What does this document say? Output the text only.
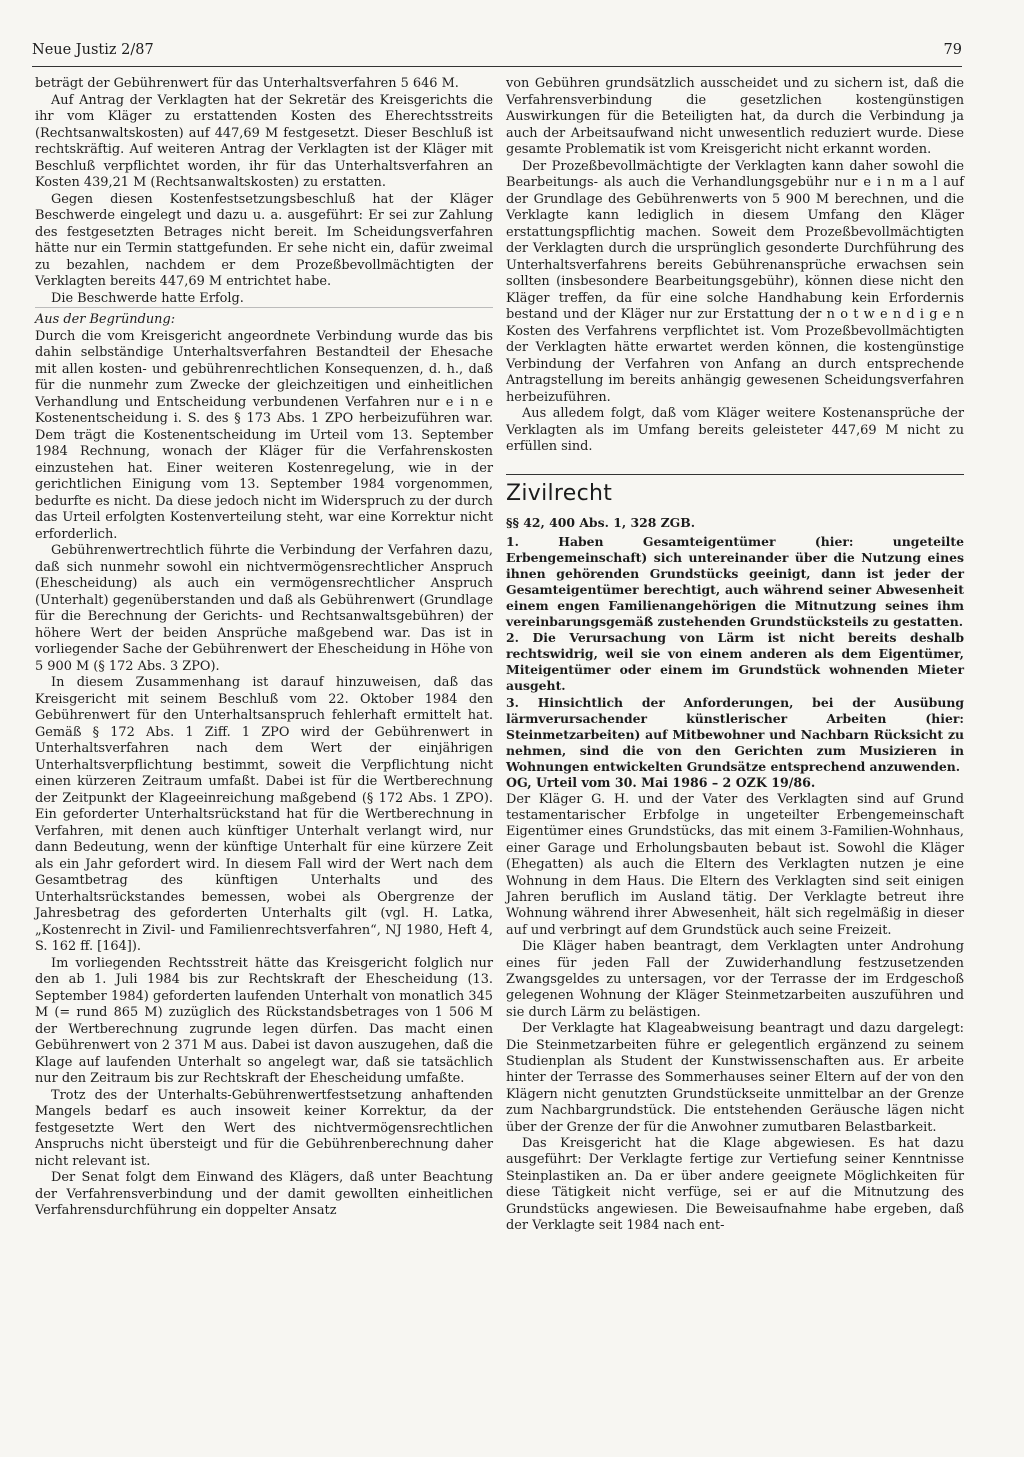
Neue Justiz 2/87	79

beträgt der Gebührenwert für das Unterhaltsverfahren 5 646 M.

Auf Antrag der Verklagten hat der Sekretär des Kreisgerichts die ihr vom Kläger zu erstattenden Kosten des Eherechtsstreits (Rechtsanwaltskosten) auf 447,69 M festgesetzt. Dieser Beschluß ist rechtskräftig. Auf weiteren Antrag der Verklagten ist der Kläger mit Beschluß verpflichtet worden, ihr für das Unterhaltsverfahren an Kosten 439,21 M (Rechtsanwaltskosten) zu erstatten.

Gegen diesen Kostenfestsetzungsbeschluß hat der Kläger Beschwerde eingelegt und dazu u. a. ausgeführt: Er sei zur Zahlung des festgesetzten Betrages nicht bereit. Im Scheidungsverfahren hätte nur ein Termin stattgefunden. Er sehe nicht ein, dafür zweimal zu bezahlen, nachdem er dem Prozeßbevollmächtigten der Verklagten bereits 447,69 M entrichtet habe.

Die Beschwerde hatte Erfolg.

Aus der Begründung:

Durch die vom Kreisgericht angeordnete Verbindung wurde das bis dahin selbständige Unterhaltsverfahren Bestandteil der Ehesache mit allen kosten- und gebührenrechtlichen Konsequenzen, d. h., daß für die nunmehr zum Zwecke der gleichzeitigen und einheitlichen Verhandlung und Entscheidung verbundenen Verfahren nur e i n e Kostenentscheidung i. S. des § 173 Abs. 1 ZPO herbeizuführen war. Dem trägt die Kostenentscheidung im Urteil vom 13. September 1984 Rechnung, wonach der Kläger für die Verfahrenskosten einzustehen hat. Einer weiteren Kostenregelung, wie in der gerichtlichen Einigung vom 13. September 1984 vorgenommen, bedurfte es nicht. Da diese jedoch nicht im Widerspruch zu der durch das Urteil erfolgten Kostenverteilung steht, war eine Korrektur nicht erforderlich.

Gebührenwertrechtlich führte die Verbindung der Verfahren dazu, daß sich nunmehr sowohl ein nichtvermögensrechtlicher Anspruch (Ehescheidung) als auch ein vermögensrechtlicher Anspruch (Unterhalt) gegenüberstanden und daß als Gebührenwert (Grundlage für die Berechnung der Gerichts- und Rechtsanwaltsgebühren) der höhere Wert der beiden Ansprüche maßgebend war. Das ist in vorliegender Sache der Gebührenwert der Ehescheidung in Höhe von 5 900 M (§ 172 Abs. 3 ZPO).

In diesem Zusammenhang ist darauf hinzuweisen, daß das Kreisgericht mit seinem Beschluß vom 22. Oktober 1984 den Gebührenwert für den Unterhaltsanspruch fehlerhaft ermittelt hat. Gemäß § 172 Abs. 1 Ziff. 1 ZPO wird der Gebührenwert in Unterhaltsverfahren nach dem Wert der einjährigen Unterhaltsverpflichtung bestimmt, soweit die Verpflichtung nicht einen kürzeren Zeitraum umfaßt. Dabei ist für die Wertberechnung der Zeitpunkt der Klageeinreichung maßgebend (§ 172 Abs. 1 ZPO). Ein geforderter Unterhaltsrückstand hat für die Wertberechnung in Verfahren, mit denen auch künftiger Unterhalt verlangt wird, nur dann Bedeutung, wenn der künftige Unterhalt für eine kürzere Zeit als ein Jahr gefordert wird. In diesem Fall wird der Wert nach dem Gesamtbetrag des künftigen Unterhalts und des Unterhaltsrückstandes bemessen, wobei als Obergrenze der Jahresbetrag des geforderten Unterhalts gilt (vgl. H. Latka, „Kostenrecht in Zivil- und Familienrechtsverfahren“, NJ 1980, Heft 4, S. 162 ff. [164]).

Im vorliegenden Rechtsstreit hätte das Kreisgericht folglich nur den ab 1. Juli 1984 bis zur Rechtskraft der Ehescheidung (13. September 1984) geforderten laufenden Unterhalt von monatlich 345 M (= rund 865 M) zuzüglich des Rückstandsbetrages von 1 506 M der Wertberechnung zugrunde legen dürfen. Das macht einen Gebührenwert von 2 371 M aus. Dabei ist davon auszugehen, daß die Klage auf laufenden Unterhalt so angelegt war, daß sie tatsächlich nur den Zeitraum bis zur Rechtskraft der Ehescheidung umfaßte.

Trotz des der Unterhalts-Gebührenwertfestsetzung anhaftenden Mangels bedarf es auch insoweit keiner Korrektur, da der festgesetzte Wert den Wert des nichtvermögensrechtlichen Anspruchs nicht übersteigt und für die Gebührenberechnung daher nicht relevant ist.

Der Senat folgt dem Einwand des Klägers, daß unter Beachtung der Verfahrensverbindung und der damit gewollten einheitlichen Verfahrensdurchführung ein doppelter Ansatz

von Gebühren grundsätzlich ausscheidet und zu sichern ist, daß die Verfahrensverbindung die gesetzlichen kostengünstigen Auswirkungen für die Beteiligten hat, da durch die Verbindung ja auch der Arbeitsaufwand nicht unwesentlich reduziert wurde. Diese gesamte Problematik ist vom Kreisgericht nicht erkannt worden.

Der Prozeßbevollmächtigte der Verklagten kann daher sowohl die Bearbeitungs- als auch die Verhandlungsgebühr nur e i n m a l auf der Grundlage des Gebührenwerts von 5 900 M berechnen, und die Verklagte kann lediglich in diesem Umfang den Kläger erstattungspflichtig machen. Soweit dem Prozeßbevollmächtigten der Verklagten durch die ursprünglich gesonderte Durchführung des Unterhaltsverfahrens bereits Gebührenansprüche erwachsen sein sollten (insbesondere Bearbeitungsgebühr), können diese nicht den Kläger treffen, da für eine solche Handhabung kein Erfordernis bestand und der Kläger nur zur Erstattung der n o t w e n d i g e n Kosten des Verfahrens verpflichtet ist. Vom Prozeßbevollmächtigten der Verklagten hätte erwartet werden können, die kostengünstige Verbindung der Verfahren von Anfang an durch entsprechende Antragstellung im bereits anhängig gewesenen Scheidungsverfahren herbeizuführen.

Aus alledem folgt, daß vom Kläger weitere Kostenansprüche der Verklagten als im Umfang bereits geleisteter 447,69 M nicht zu erfüllen sind.

Zivilrecht

§§ 42, 400 Abs. 1, 328 ZGB.

1. Haben Gesamteigentümer (hier: ungeteilte Erbengemeinschaft) sich untereinander über die Nutzung eines ihnen gehörenden Grundstücks geeinigt, dann ist jeder der Gesamteigentümer berechtigt, auch während seiner Abwesenheit einem engen Familienangehörigen die Mitnutzung seines ihm vereinbarungsgemäß zustehenden Grundstücksteils zu gestatten.

2. Die Verursachung von Lärm ist nicht bereits deshalb rechtswidrig, weil sie von einem anderen als dem Eigentümer, Miteigentümer oder einem im Grundstück wohnenden Mieter ausgeht.

3. Hinsichtlich der Anforderungen, bei der Ausübung lärmverursachender künstlerischer Arbeiten (hier: Steinmetzarbeiten) auf Mitbewohner und Nachbarn Rücksicht zu nehmen, sind die von den Gerichten zum Musizieren in Wohnungen entwickelten Grundsätze entsprechend anzuwenden.

OG, Urteil vom 30. Mai 1986 – 2 OZK 19/86.

Der Kläger G. H. und der Vater des Verklagten sind auf Grund testamentarischer Erbfolge in ungeteilter Erbengemeinschaft Eigentümer eines Grundstücks, das mit einem 3-Familien-Wohnhaus, einer Garage und Erholungsbauten bebaut ist. Sowohl die Kläger (Ehegatten) als auch die Eltern des Verklagten nutzen je eine Wohnung in dem Haus. Die Eltern des Verklagten sind seit einigen Jahren beruflich im Ausland tätig. Der Verklagte betreut ihre Wohnung während ihrer Abwesenheit, hält sich regelmäßig in dieser auf und verbringt auf dem Grundstück auch seine Freizeit.

Die Kläger haben beantragt, dem Verklagten unter Androhung eines für jeden Fall der Zuwiderhandlung festzusetzenden Zwangsgeldes zu untersagen, vor der Terrasse der im Erdgeschoß gelegenen Wohnung der Kläger Steinmetzarbeiten auszuführen und sie durch Lärm zu belästigen.

Der Verklagte hat Klageabweisung beantragt und dazu dargelegt: Die Steinmetzarbeiten führe er gelegentlich ergänzend zu seinem Studienplan als Student der Kunstwissenschaften aus. Er arbeite hinter der Terrasse des Sommerhauses seiner Eltern auf der von den Klägern nicht genutzten Grundstückseite unmittelbar an der Grenze zum Nachbargrundstück. Die entstehenden Geräusche lägen nicht über der Grenze der für die Anwohner zumutbaren Belastbarkeit.

Das Kreisgericht hat die Klage abgewiesen. Es hat dazu ausgeführt: Der Verklagte fertige zur Vertiefung seiner Kenntnisse Steinplastiken an. Da er über andere geeignete Möglichkeiten für diese Tätigkeit nicht verfüge, sei er auf die Mitnutzung des Grundstücks angewiesen. Die Beweisaufnahme habe ergeben, daß der Verklagte seit 1984 nach ent-
